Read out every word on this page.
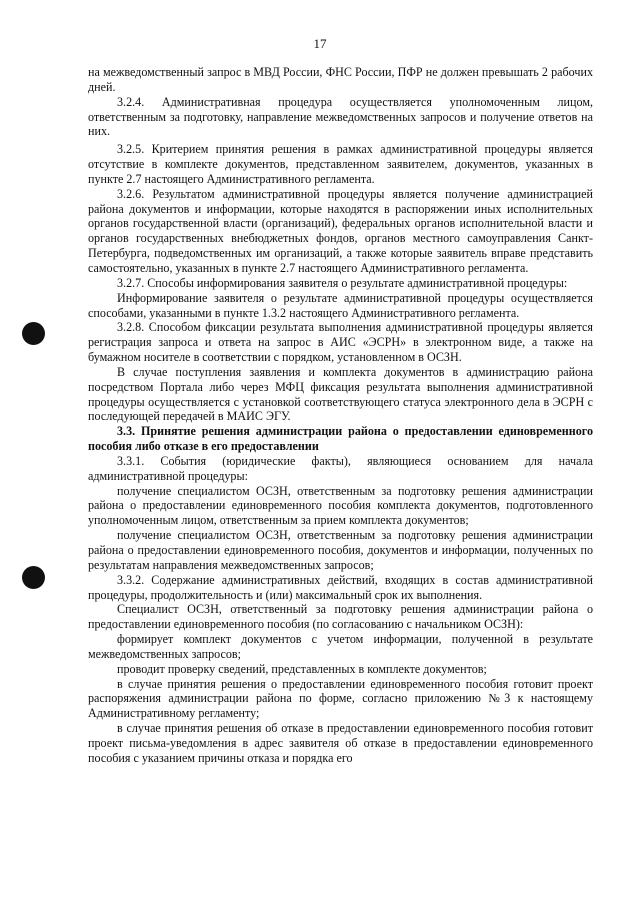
17

на межведомственный запрос в МВД России, ФНС России, ПФР не должен превышать 2 рабочих дней.

3.2.4. Административная процедура осуществляется уполномоченным лицом, ответственным за подготовку, направление межведомственных запросов и получение ответов на них.

3.2.5. Критерием принятия решения в рамках административной процедуры является отсутствие в комплекте документов, представленном заявителем, документов, указанных в пункте 2.7 настоящего Административного регламента.

3.2.6. Результатом административной процедуры является получение администрацией района документов и информации, которые находятся в распоряжении иных исполнительных органов государственной власти (организаций), федеральных органов исполнительной власти и органов государственных внебюджетных фондов, органов местного самоуправления Санкт-Петербурга, подведомственных им организаций, а также которые заявитель вправе представить самостоятельно, указанных в пункте 2.7 настоящего Административного регламента.

3.2.7. Способы информирования заявителя о результате административной процедуры:

Информирование заявителя о результате административной процедуры осуществляется способами, указанными в пункте 1.3.2 настоящего Административного регламента.

3.2.8. Способом фиксации результата выполнения административной процедуры является регистрация запроса и ответа на запрос в АИС «ЭСРН» в электронном виде, а также на бумажном носителе в соответствии с порядком, установленном в ОСЗН.

В случае поступления заявления и комплекта документов в администрацию района посредством Портала либо через МФЦ фиксация результата выполнения административной процедуры осуществляется с установкой соответствующего статуса электронного дела в ЭСРН с последующей передачей в МАИС ЭГУ.

3.3. Принятие решения администрации района о предоставлении единовременного пособия либо отказе в его предоставлении

3.3.1. События (юридические факты), являющиеся основанием для начала административной процедуры:

получение специалистом ОСЗН, ответственным за подготовку решения администрации района о предоставлении единовременного пособия комплекта документов, подготовленного уполномоченным лицом, ответственным за прием комплекта документов;

получение специалистом ОСЗН, ответственным за подготовку решения администрации района о предоставлении единовременного пособия, документов и информации, полученных по результатам направления межведомственных запросов;

3.3.2. Содержание административных действий, входящих в состав административной процедуры, продолжительность и (или) максимальный срок их выполнения.

Специалист ОСЗН, ответственный за подготовку решения администрации района о предоставлении единовременного пособия (по согласованию с начальником ОСЗН):

формирует комплект документов с учетом информации, полученной в результате межведомственных запросов;

проводит проверку сведений, представленных в комплекте документов;

в случае принятия решения о предоставлении единовременного пособия готовит проект распоряжения администрации района по форме, согласно приложению №3 к настоящему Административному регламенту;

в случае принятия решения об отказе в предоставлении единовременного пособия готовит проект письма-уведомления в адрес заявителя об отказе в предоставлении единовременного пособия с указанием причины отказа и порядка его
